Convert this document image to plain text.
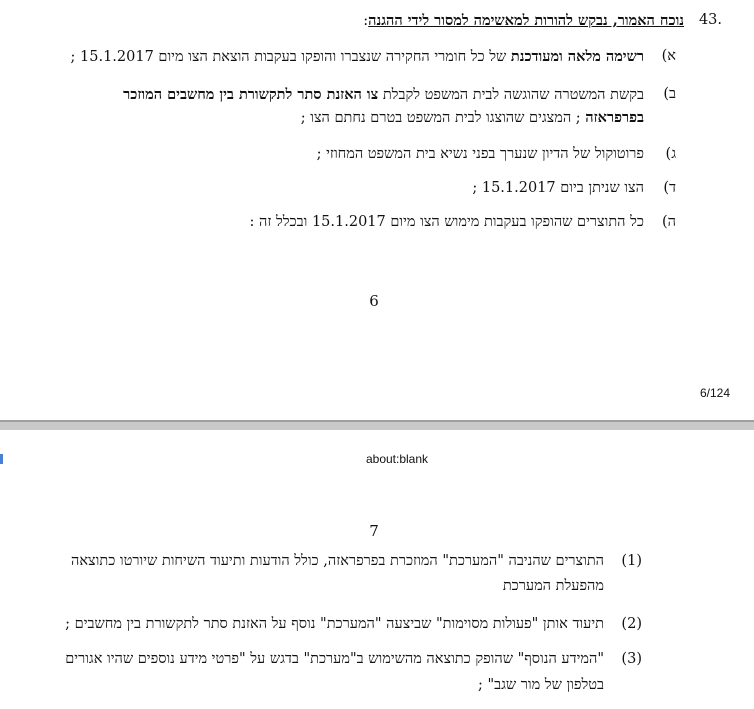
.43
נוכח האמור, נבקש להורות למאשימה למסור לידי ההגנה:
א)
רשימה מלאה ומעודכנת של כל חומרי החקירה שנצברו והופקו בעקבות הוצאת הצו מיום 15.1.2017 ;
ב)
בקשת המשטרה שהוגשה לבית המשפט לקבלת צו האזנת סתר לתקשורת בין מחשבים המוזכר
בפרפראזה ; המצגים שהוצגו לבית המשפט בטרם נחתם הצו ;
ג)
פרוטוקול של הדיון שנערך בפני נשיא בית המשפט המחוזי ;
ד)
הצו שניתן ביום 15.1.2017 ;
ה)
כל התוצרים שהופקו בעקבות מימוש הצו מיום 15.1.2017 ובכלל זה :
6
6/124
about:blank
7
(1)
התוצרים שהניבה "המערכת" המוזכרת בפרפראזה, כולל הודעות ותיעוד השיחות שיורטו כתוצאה
מהפעלת המערכת
(2)
תיעוד אותן "פעולות מסוימות" שביצעה "המערכת" נוסף על האזנת סתר לתקשורת בין מחשבים ;
(3)
"המידע הנוסף" שהופק כתוצאה מהשימוש ב"מערכת" בדגש על "פרטי מידע נוספים שהיו אגורים
בטלפון של מור שגב" ;
